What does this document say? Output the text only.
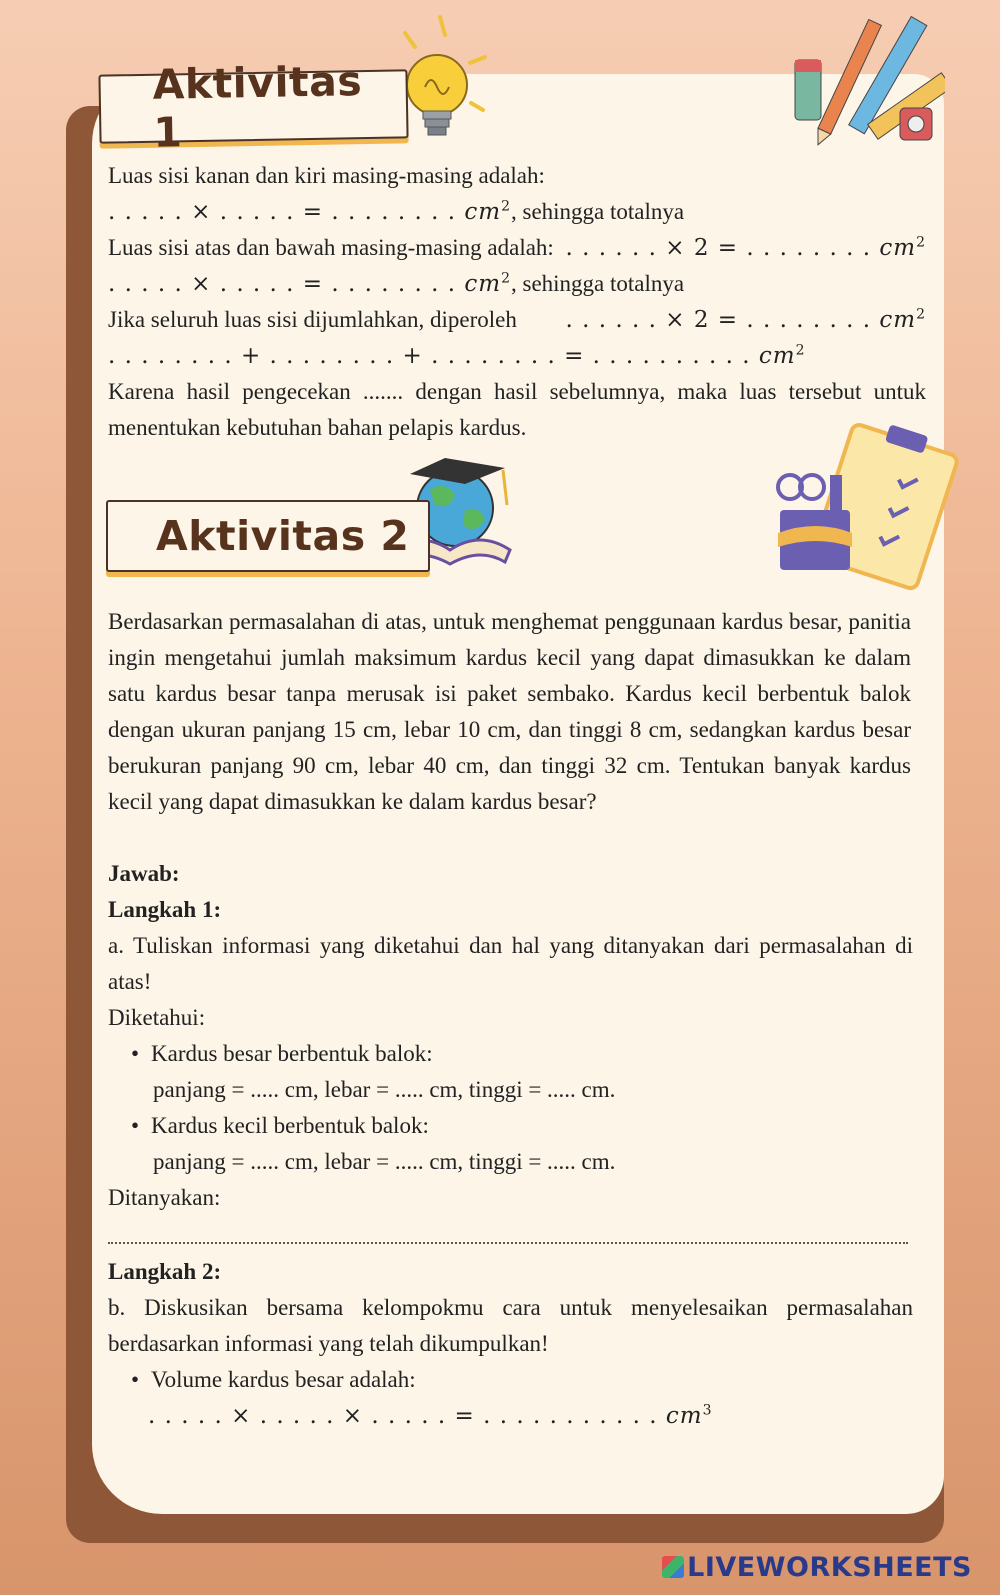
Aktivitas 1
Aktivitas 2
Luas sisi kanan dan kiri masing-masing adalah:
. . . . . × . . . . . = . . . . . . . . $cm^2$, sehingga totalnya
. . . . . . × 2 = . . . . . . . . $cm^2$
Luas sisi atas dan bawah masing-masing adalah:
. . . . . × . . . . . = . . . . . . . . $cm^2$, sehingga totalnya
. . . . . . × 2 = . . . . . . . . $cm^2$
Jika seluruh luas sisi dijumlahkan, diperoleh
. . . . . . . . + . . . . . . . . + . . . . . . . . = . . . . . . . . . . $cm^2$
Karena hasil pengecekan ....... dengan hasil sebelumnya, maka luas tersebut untuk menentukan kebutuhan bahan pelapis kardus.
Berdasarkan permasalahan di atas, untuk menghemat penggunaan kardus besar, panitia ingin mengetahui jumlah maksimum kardus kecil yang dapat dimasukkan ke dalam satu kardus besar tanpa merusak isi paket sembako. Kardus kecil berbentuk balok dengan ukuran panjang 15 cm, lebar 10 cm, dan tinggi 8 cm, sedangkan kardus besar berukuran panjang 90 cm, lebar 40 cm, dan tinggi 32 cm. Tentukan banyak kardus kecil yang dapat dimasukkan ke dalam kardus besar?
Jawab:
Langkah 1:
a. Tuliskan informasi yang diketahui dan hal yang ditanyakan dari permasalahan di atas!
Diketahui:
• Kardus besar berbentuk balok:
panjang = ..... cm, lebar = ..... cm, tinggi = ..... cm.
• Kardus kecil berbentuk balok:
panjang = ..... cm, lebar = ..... cm, tinggi = ..... cm.
Ditanyakan:
Langkah 2:
b. Diskusikan bersama kelompokmu cara untuk menyelesaikan permasalahan berdasarkan informasi yang telah dikumpulkan!
• Volume kardus besar adalah:
. . . . . × . . . . . × . . . . . = . . . . . . . . . . . $cm^3$
LIVEWORKSHEETS
